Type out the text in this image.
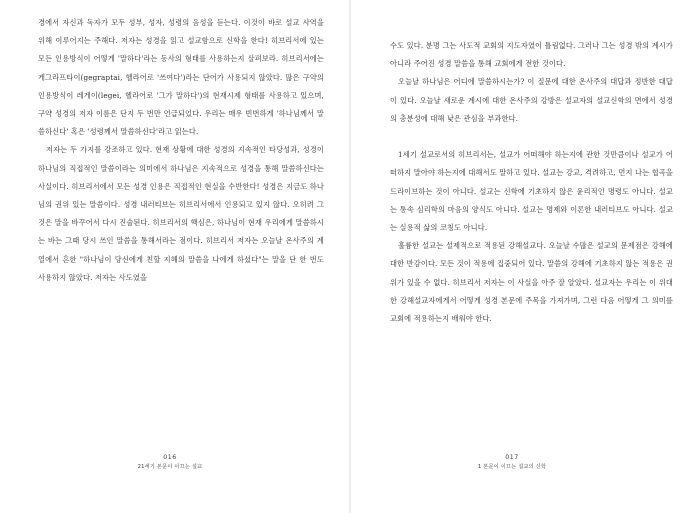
경에서 자신과 독자가 모두 성부, 성자, 성령의 음성을 듣는다. 이것이 바로 설교 사역을 위해 이루어지는 주해다. 저자는 성경을 읽고 설교함으로 신학을 한다! 히브리서에 있는 모든 인용방식이 어떻게 '말하다'라는 동사의 형태를 사용하는지 살펴보라. 히브리서에는 게그라프타이(gegraptai, 헬라어로 '쓰여다')라는 단어가 사용되지 않았다. 많은 구약의 인용방식이 레게이(legei, 헬라어로 '그가 말하다')의 현재시제 형태를 사용하고 있으며, 구약 성경의 저자 이름은 단지 두 번만 언급되었다. 우리는 매우 빈번하게 '하나님께서 말씀하신다' 혹은 '성령께서 말씀하신다'라고 읽는다.

저자는 두 가지를 강조하고 있다. 현재 상황에 대한 성경의 지속적인 타당성과, 성경이 하나님의 직접적인 말씀이라는 의미에서 하나님은 지속적으로 성경을 통해 말씀하신다는 사실이다. 히브리서에서 모든 성경 인용은 직접적인 현실을 수반한다! 성경은 지금도 하나님의 권위 있는 말씀이다. 성경 내러티브는 히브리서에서 인용되고 있지 않다. 오히려 그것은 말을 바꾸어서 다시 진술된다. 히브리서의 핵심은, 하나님이 현재 우리에게 말씀하시는 바는 그때 당시 쓰인 말씀을 통해서라는 점이다. 히브리서 저자는 오늘날 온사주의 계열에서 흔한 "하나님이 당신에게 친할 지혜의 말씀을 나에게 하셨다"는 말을 단 한 번도 사용하지 않았다. 저자는 사도였을

016
21세기 본문이 이끄는 설교

수도 있다. 분명 그는 사도적 교회의 지도자였이 틀림없다. 그러나 그는 성경 밖의 계시가 아니라 주어진 성경 말씀을 통해 교회에게 전한 것이다.

오늘날 하나님은 어디에 말씀하시는가? 이 질문에 대한 온사주의 대답과 정반한 대답이 있다. 오늘날 새로운 계시에 대한 온사주의 강방은 설교자의 설교신학의 면에서 성경의 충분성에 대해 낮은 관심을 부과한다.

1세기 설교로서의 히브리서는, 설교가 어떠해야 하는지에 관한 것만큼이나 설교가 어떠하지 말아야 하는지에 대해서도 말하고 있다. 설교는 강교, 격려하고, 먼지 나는 협곡을 드라이브하는 것이 아니다. 설교는 신학에 기초하지 않은 윤리적인 명령도 아니다. 설교는 통속 심리학의 마음의 양식도 아니다. 설교는 명제와 이론한 내러티브도 아니다. 설교는 실용적 삶의 코칭도 아니다.

훌륭한 설교는 설제적으로 적용된 강해설교다. 오늘날 수많은 설교의 문제점은 강해에 대한 반감이다. 모든 것이 적용에 집중되어 있다. 말씀의 강해에 기초하지 않는 적용은 권위가 있을 수 없다. 히브리서 저자는 이 사실을 아주 잘 알았다. 설교자는 우리는 이 위대한 강해설교자에게서 어떻게 성경 본문에 주목을 가져가며, 그런 다음 어떻게 그 의미를 교회에 적용하는지 배워야 한다.

017
1 본문이 이끄는 설교의 신학
